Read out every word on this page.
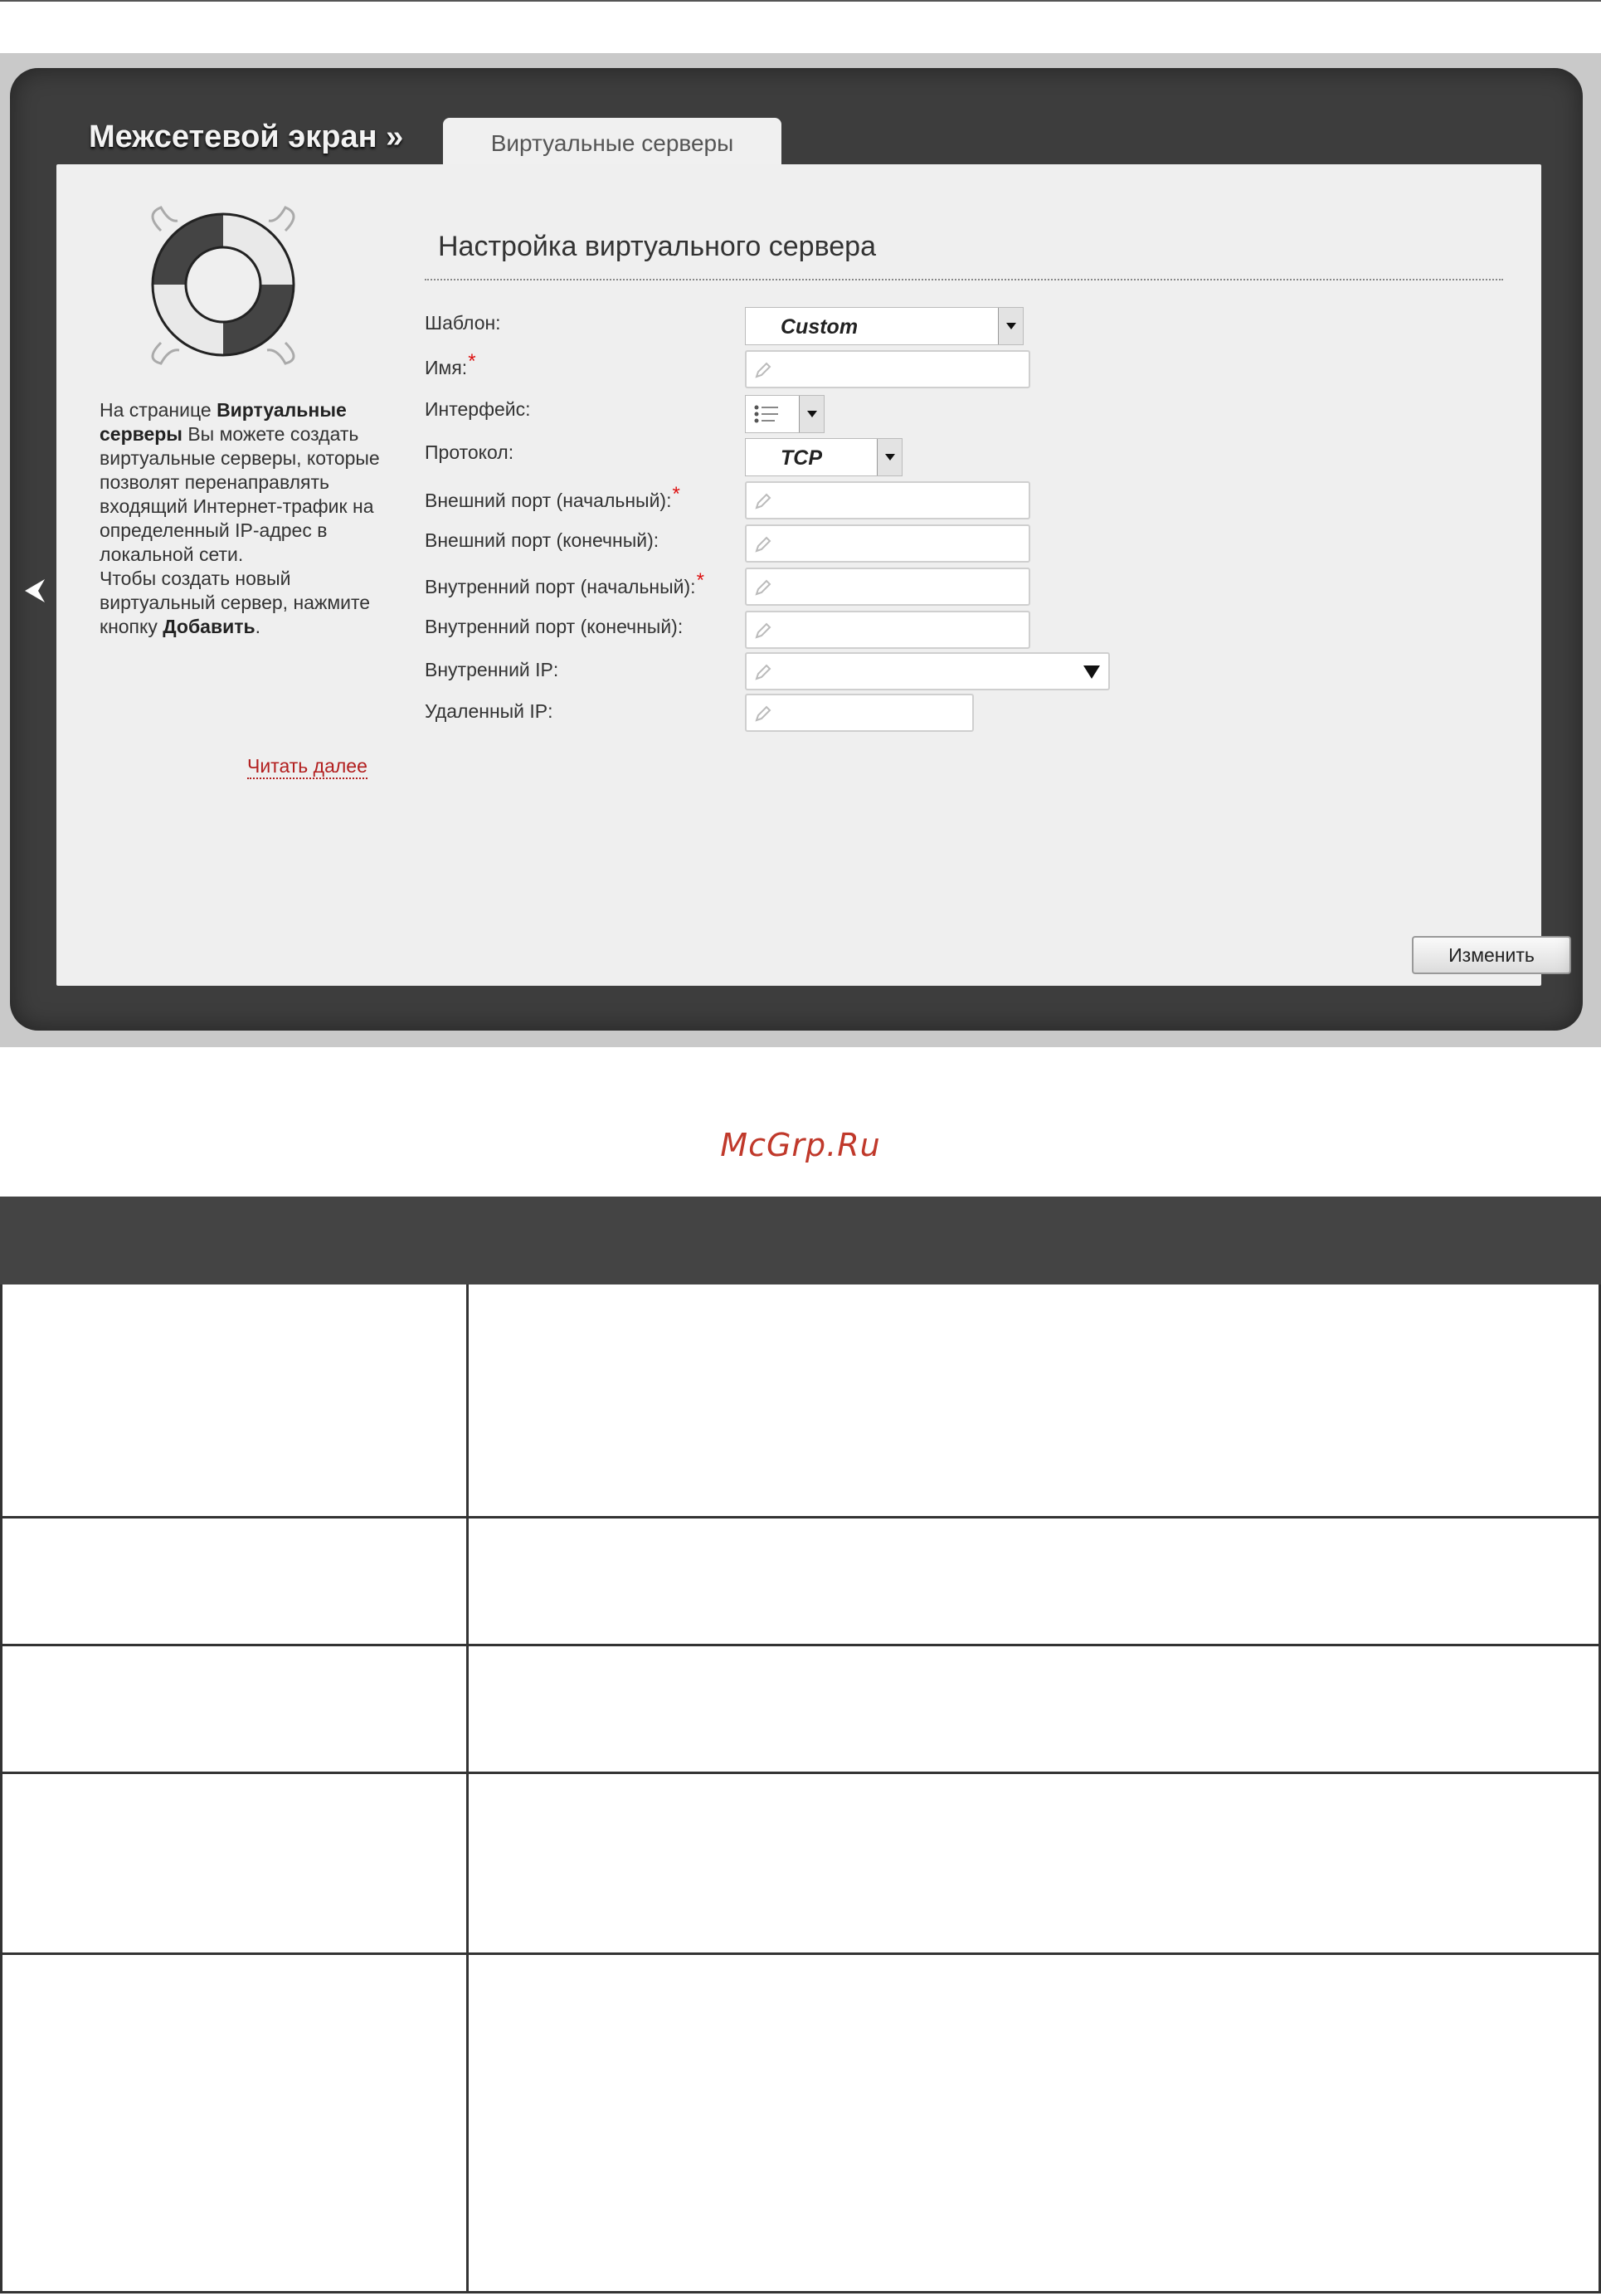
Межсетевой экран »	Виртуальные серверы
На странице Виртуальные серверы Вы можете создать виртуальные серверы, которые позволят перенаправлять входящий Интернет-трафик на определенный IP-адрес в локальной сети.
Чтобы создать новый виртуальный сервер, нажмите кнопку Добавить.
Читать далее
Настройка виртуального сервера
Шаблон:	Custom
Имя:*
Интерфейс:
Протокол:	TCP
Внешний порт (начальный):*
Внешний порт (конечный):
Внутренний порт (начальный):*
Внутренний порт (конечный):
Внутренний IP:
Удаленный IP:
Изменить
McGrp.Ru
